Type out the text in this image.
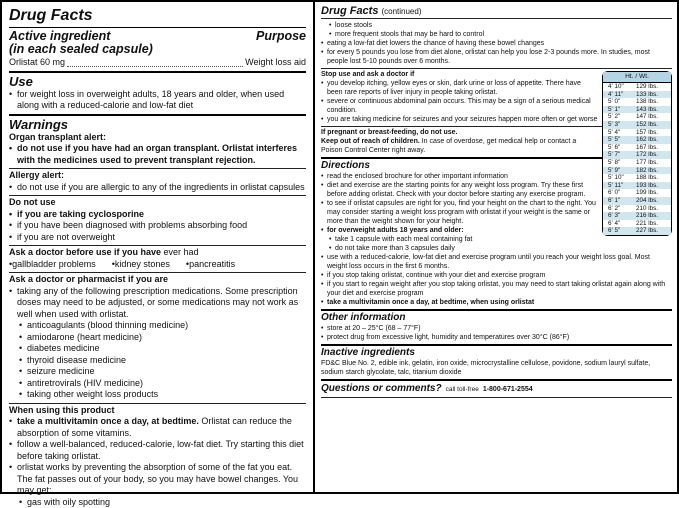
Drug Facts
Active ingredient	Purpose
(in each sealed capsule)
Orlistat 60 mg	Weight loss aid
Use
• for weight loss in overweight adults, 18 years and older, when used along with a reduced-calorie and low-fat diet
Warnings
Organ transplant alert:
• do not use if you have had an organ transplant. Orlistat interferes with the medicines used to prevent transplant rejection.
Allergy alert:
• do not use if you are allergic to any of the ingredients in orlistat capsules
Do not use
• if you are taking cyclosporine
• if you have been diagnosed with problems absorbing food
• if you are not overweight
Ask a doctor before use if you have ever had
• gallbladder problems • kidney stones • pancreatitis
Ask a doctor or pharmacist if you are
• taking any of the following prescription medications. Some prescription doses may need to be adjusted, or some medications may not work as well when used with orlistat.
• anticoagulants (blood thinning medicine)
• amiodarone (heart medicine)
• diabetes medicine
• thyroid disease medicine
• seizure medicine
• antiretrovirals (HIV medicine)
• taking other weight loss products
When using this product
• take a multivitamin once a day, at bedtime. Orlistat can reduce the absorption of some vitamins.
• follow a well-balanced, reduced-calorie, low-fat diet. Try starting this diet before taking orlistat.
• orlistat works by preventing the absorption of some of the fat you eat. The fat passes out of your body, so you may have bowel changes. You may get:
• gas with oily spotting
Drug Facts (continued)
• loose stools
• more frequent stools that may be hard to control
• eating a low-fat diet lowers the chance of having these bowel changes
• for every 5 pounds you lose from diet alone, orlistat can help you lose 2-3 pounds more. In studies, most people lost 5-10 pounds over 6 months.
Ht. / Wt.
4' 10"	129 lbs.
4' 11"	133 lbs.
5' 0"	138 lbs.
5' 1"	143 lbs.
5' 2"	147 lbs.
5' 3"	152 lbs.
5' 4"	157 lbs.
5' 5"	162 lbs.
5' 6"	167 lbs.
5' 7"	172 lbs.
5' 8"	177 lbs.
5' 9"	182 lbs.
5' 10"	188 lbs.
5' 11"	193 lbs.
6' 0"	199 lbs.
6' 1"	204 lbs.
6' 2"	210 lbs.
6' 3"	216 lbs.
6' 4"	221 lbs.
6' 5"	227 lbs.
Stop use and ask a doctor if
• you develop itching, yellow eyes or skin, dark urine or loss of appetite. There have been rare reports of liver injury in people taking orlistat.
• severe or continuous abdominal pain occurs. This may be a sign of a serious medical condition.
• you are taking medicine for seizures and your seizures happen more often or get worse
If pregnant or breast-feeding, do not use.
Keep out of reach of children. In case of overdose, get medical help or contact a Poison Control Center right away.
Directions
• read the enclosed brochure for other important information
• diet and exercise are the starting points for any weight loss program. Try these first before adding orlistat. Check with your doctor before starting any exercise program.
• to see if orlistat capsules are right for you, find your height on the chart to the right. You may consider starting a weight loss program with orlistat if your weight is the same or more than the weight shown for your height.
• for overweight adults 18 years and older:
• take 1 capsule with each meal containing fat
• do not take more than 3 capsules daily
• use with a reduced-calorie, low-fat diet and exercise program until you reach your weight loss goal. Most weight loss occurs in the first 6 months.
• if you stop taking orlistat, continue with your diet and exercise program
• if you start to regain weight after you stop taking orlistat, you may need to start taking orlistat again along with your diet and exercise program
• take a multivitamin once a day, at bedtime, when using orlistat
Other information
• store at 20 – 25°C (68 – 77°F)
• protect drug from excessive light, humidity and temperatures over 30°C (86°F)
Inactive ingredients
FD&C Blue No. 2, edible ink, gelatin, iron oxide, microcrystalline cellulose, povidone, sodium lauryl sulfate, sodium starch glycolate, talc, titanium dioxide
Questions or comments? call toll-free 1-800-671-2554
